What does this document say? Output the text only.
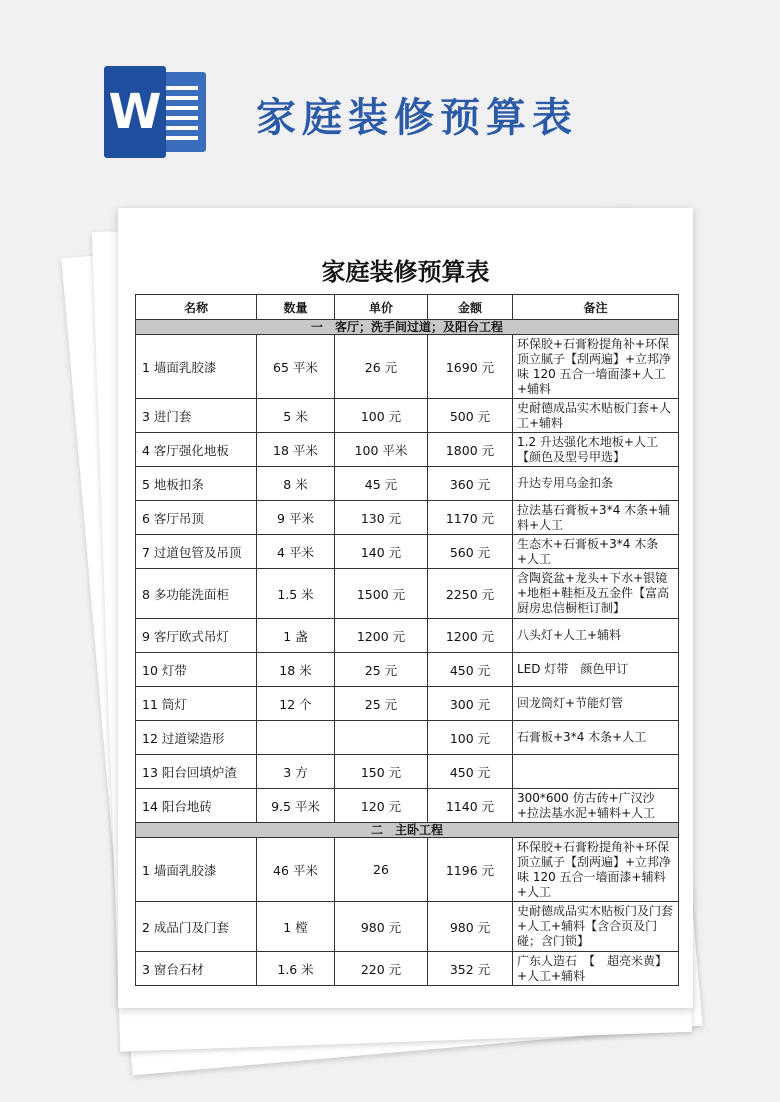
W 家庭装修预算表
家庭装修预算表
名称	数量	单价	金额	备注
一　客厅；洗手间过道；及阳台工程				
1 墙面乳胶漆	65 平米	26 元	1690 元	环保胶+石膏粉提角补+环保顶立腻子【刮两遍】+立邦净味 120 五合一墙面漆+人工+辅料
3 进门套	5 米	100 元	500 元	史耐德成品实木贴板门套+人工+辅料
4 客厅强化地板	18 平米	100 平米	1800 元	1.2 升达强化木地板+人工【颜色及型号甲选】
5 地板扣条	8 米	45 元	360 元	升达专用乌金扣条
6 客厅吊顶	9 平米	130 元	1170 元	拉法基石膏板+3*4 木条+辅料+人工
7 过道包管及吊顶	4 平米	140 元	560 元	生态木+石膏板+3*4 木条+人工
8 多功能洗面柜	1.5 米	1500 元	2250 元	含陶瓷盆+龙头+下水+银镜+地柜+鞋柜及五金件【富高厨房忠信橱柜订制】
9 客厅欧式吊灯	1 盏	1200 元	1200 元	八头灯+人工+辅料
10 灯带	18 米	25 元	450 元	LED 灯带　颜色甲订
11 筒灯	12 个	25 元	300 元	回龙筒灯+节能灯管
12 过道梁造形			100 元	石膏板+3*4 木条+人工
13 阳台回填炉渣	3 方	150 元	450 元	
14 阳台地砖	9.5 平米	120 元	1140 元	300*600 仿古砖+广汉沙+拉法基水泥+辅料+人工
二　主卧工程				
1 墙面乳胶漆	46 平米	26	1196 元	环保胶+石膏粉提角补+环保顶立腻子【刮两遍】+立邦净味 120 五合一墙面漆+辅料+人工
2 成品门及门套	1 樘	980 元	980 元	史耐德成品实木贴板门及门套+人工+辅料【含合页及门碰；含门锁】
3 窗台石材	1.6 米	220 元	352 元	广东人造石　【　超亮米黄】+人工+辅料
